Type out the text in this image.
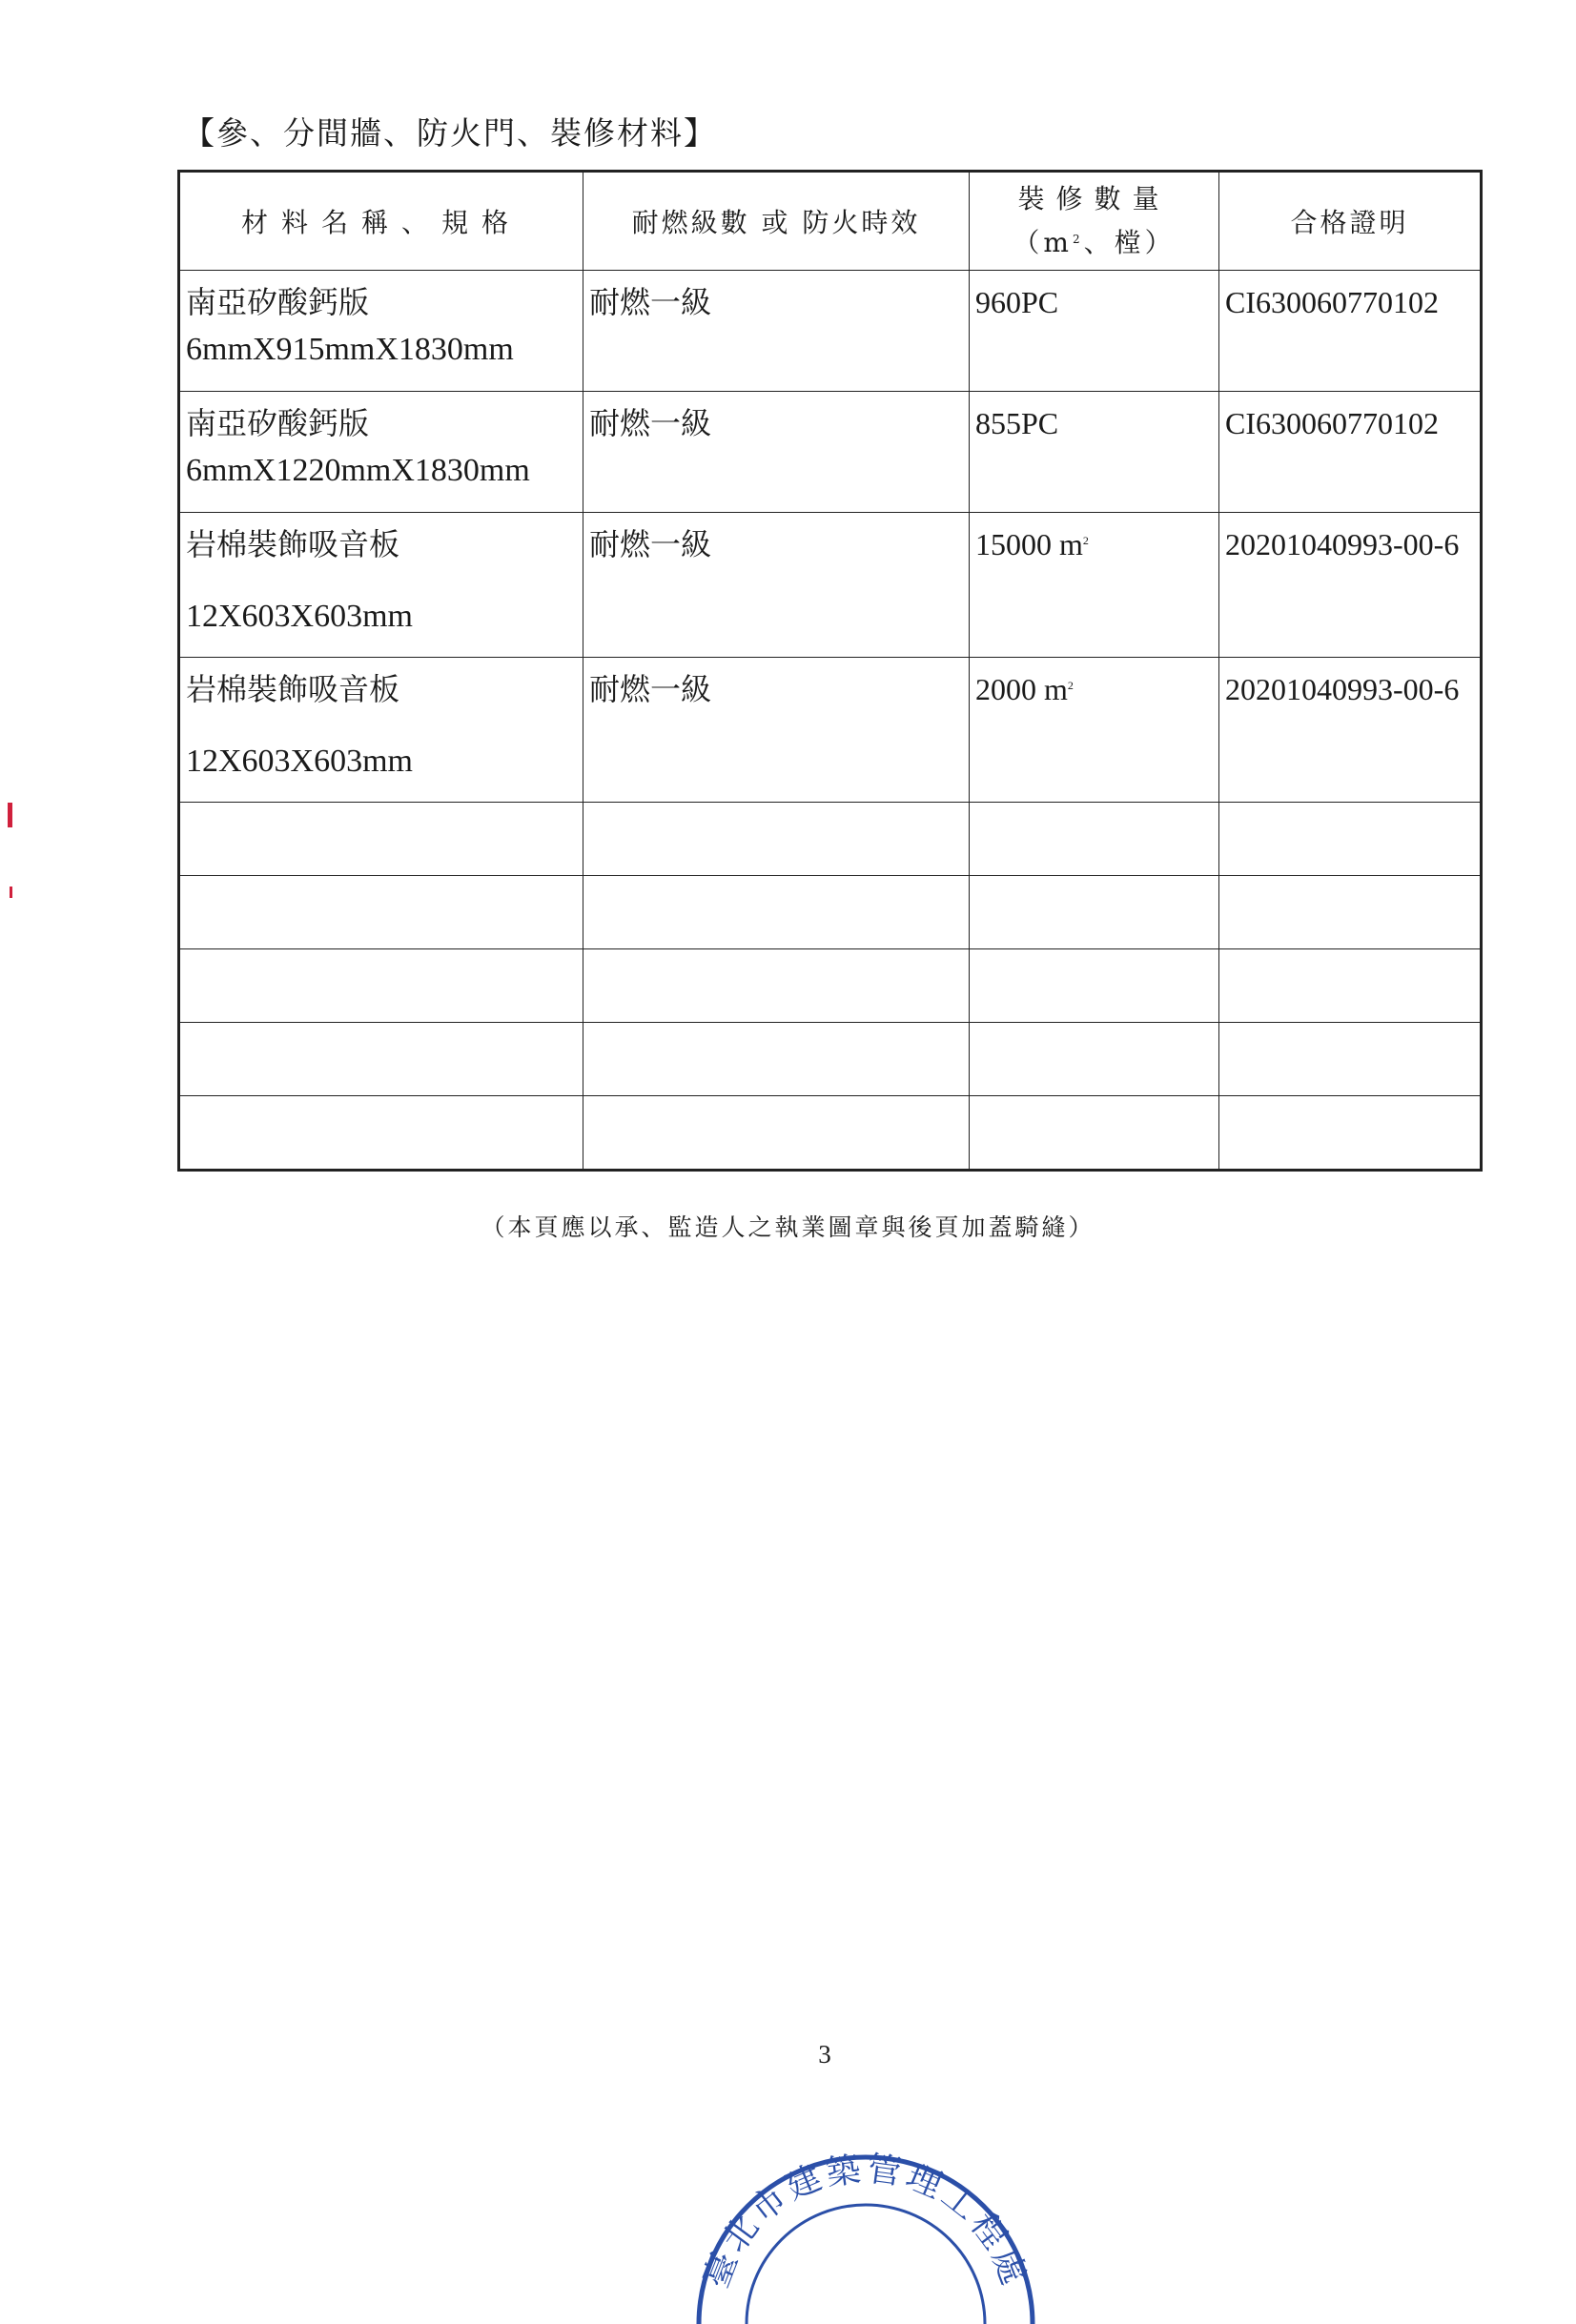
【參、分間牆、防火門、裝修材料】
材料名稱、規格	耐燃級數 或 防火時效	裝修數量
（$m^2$、樘）	合格證明

南亞矽酸鈣版
6mmX915mmX1830mm	耐燃一級	960PC	CI630060770102

南亞矽酸鈣版
6mmX1220mmX1830mm	耐燃一級	855PC	CI630060770102

岩棉裝飾吸音板
12X603X603mm	耐燃一級	15000 $m^2$	20201040993-00-6

岩棉裝飾吸音板
12X603X603mm	耐燃一級	2000 $m^2$	20201040993-00-6

（本頁應以承、監造人之執業圖章與後頁加蓋騎縫）

3

臺北市建築管理工程處
